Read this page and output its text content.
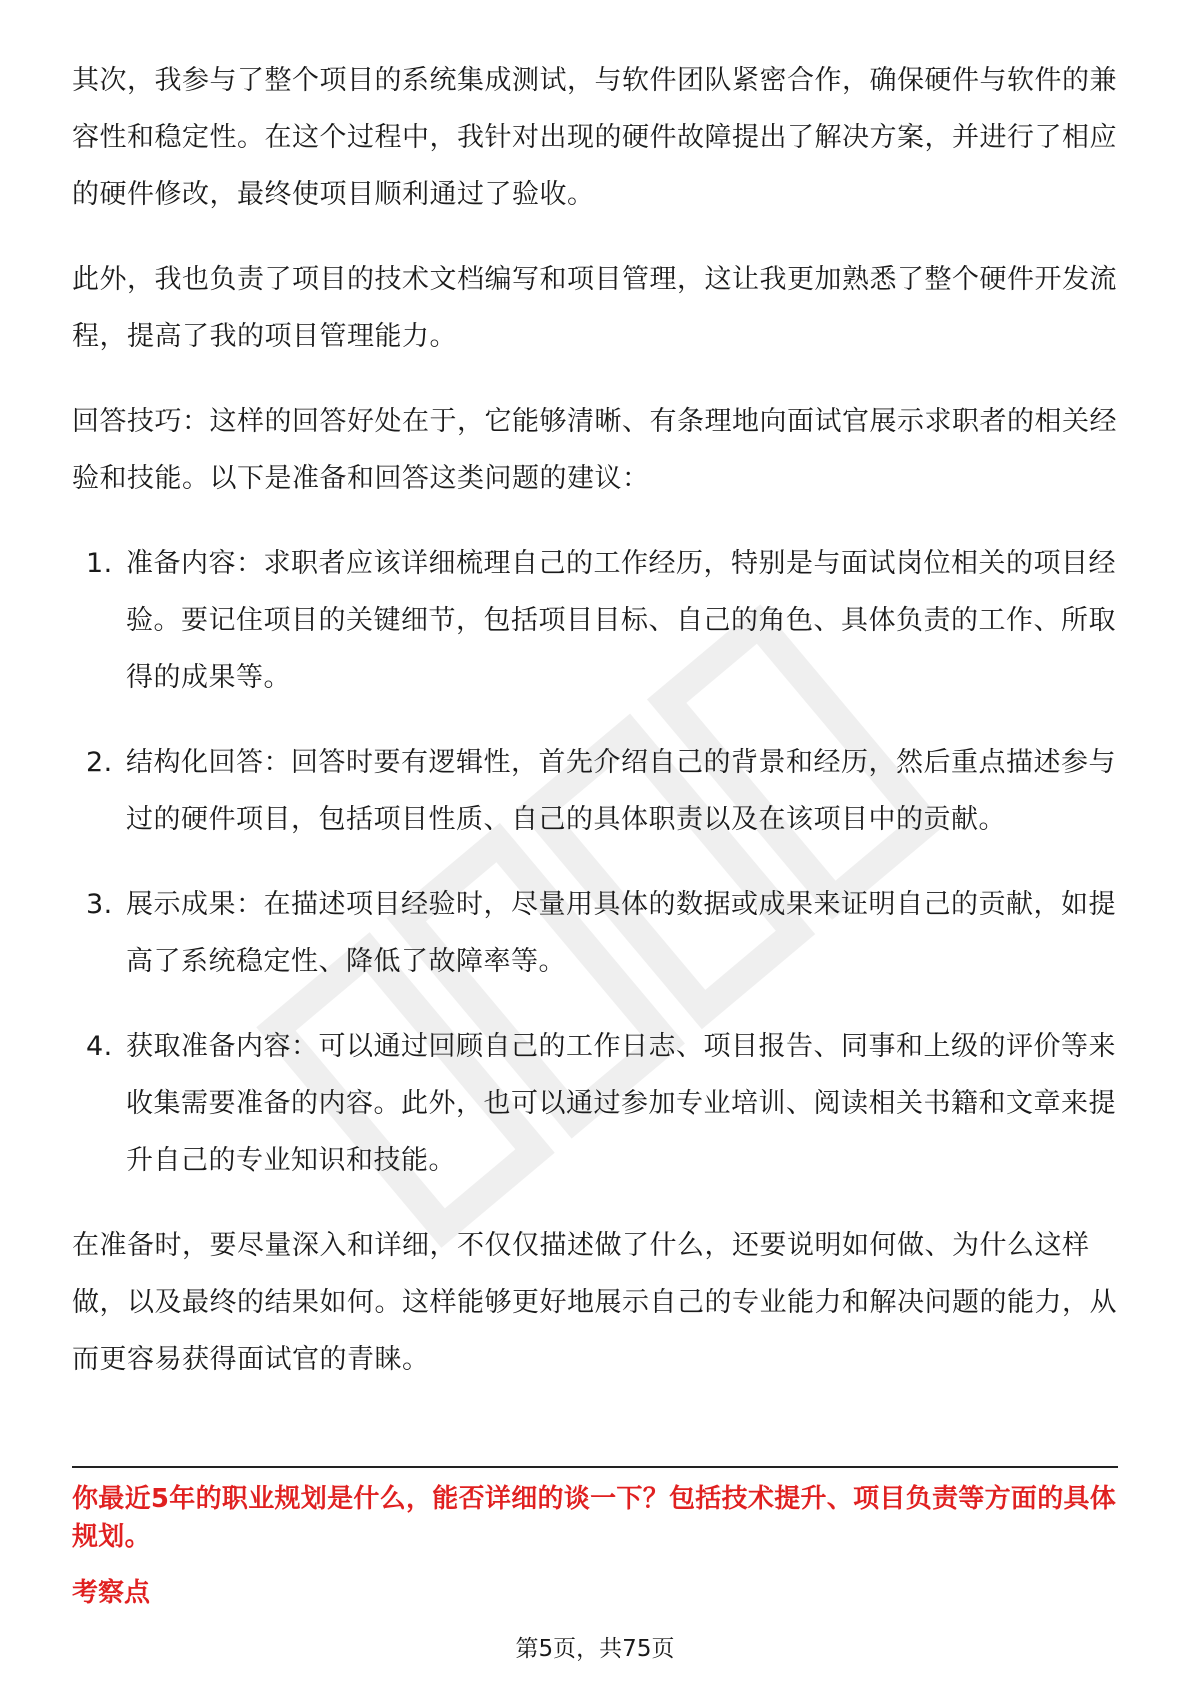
其次，我参与了整个项目的系统集成测试，与软件团队紧密合作，确保硬件与软件的兼容性和稳定性。在这个过程中，我针对出现的硬件故障提出了解决方案，并进行了相应的硬件修改，最终使项目顺利通过了验收。

此外，我也负责了项目的技术文档编写和项目管理，这让我更加熟悉了整个硬件开发流程，提高了我的项目管理能力。

回答技巧：这样的回答好处在于，它能够清晰、有条理地向面试官展示求职者的相关经验和技能。以下是准备和回答这类问题的建议：

1. 准备内容：求职者应该详细梳理自己的工作经历，特别是与面试岗位相关的项目经验。要记住项目的关键细节，包括项目目标、自己的角色、具体负责的工作、所取得的成果等。
2. 结构化回答：回答时要有逻辑性，首先介绍自己的背景和经历，然后重点描述参与过的硬件项目，包括项目性质、自己的具体职责以及在该项目中的贡献。
3. 展示成果：在描述项目经验时，尽量用具体的数据或成果来证明自己的贡献，如提高了系统稳定性、降低了故障率等。
4. 获取准备内容：可以通过回顾自己的工作日志、项目报告、同事和上级的评价等来收集需要准备的内容。此外，也可以通过参加专业培训、阅读相关书籍和文章来提升自己的专业知识和技能。

在准备时，要尽量深入和详细，不仅仅描述做了什么，还要说明如何做、为什么这样做，以及最终的结果如何。这样能够更好地展示自己的专业能力和解决问题的能力，从而更容易获得面试官的青睐。

你最近5年的职业规划是什么，能否详细的谈一下？包括技术提升、项目负责等方面的具体规划。
考察点
第5页，共75页
